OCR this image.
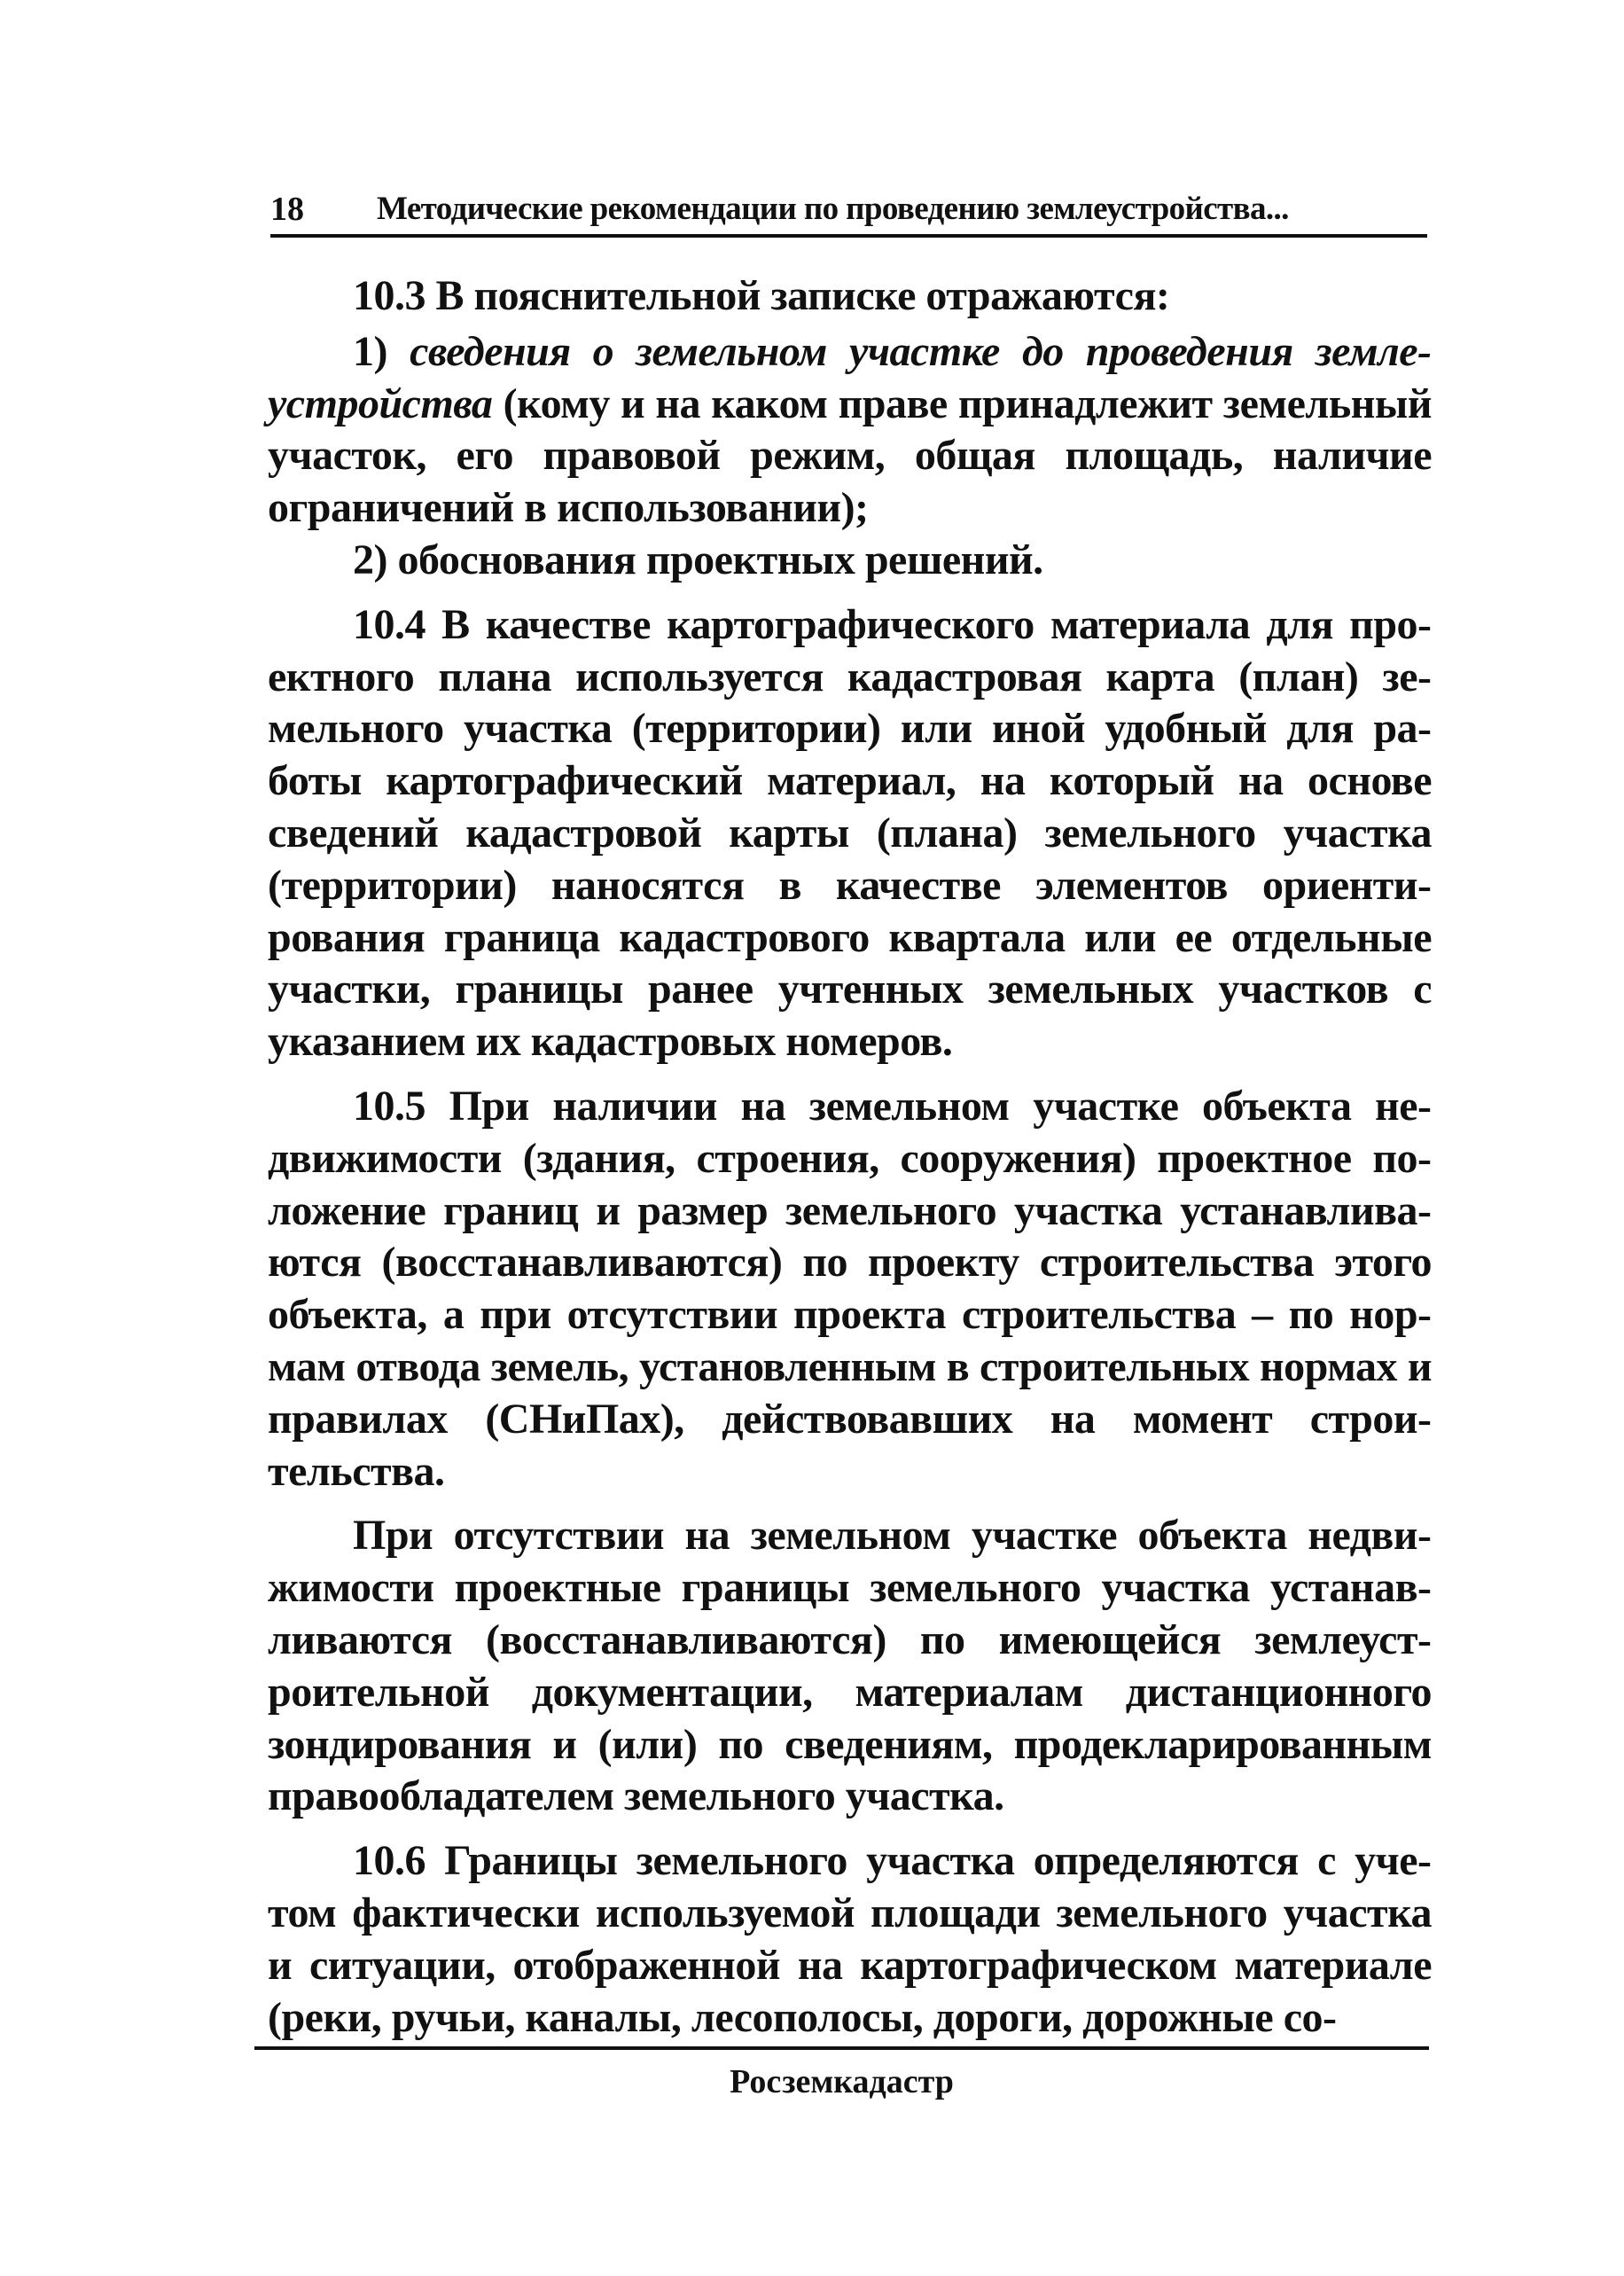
18 Методические рекомендации по проведению землеустройства...

10.3 В пояснительной записке отражаются:

1) сведения о земельном участке до проведения землеустройства (кому и на каком праве принадлежит земельный участок, его правовой режим, общая площадь, наличие ограничений в использовании);

2) обоснования проектных решений.

10.4 В качестве картографического материала для проектного плана используется кадастровая карта (план) земельного участка (территории) или иной удобный для работы картографический материал, на который на основе сведений кадастровой карты (плана) земельного участка (территории) наносятся в качестве элементов ориентирования граница кадастрового квартала или ее отдельные участки, границы ранее учтенных земельных участков с указанием их кадастровых номеров.

10.5 При наличии на земельном участке объекта недвижимости (здания, строения, сооружения) проектное положение границ и размер земельного участка устанавливаются (восстанавливаются) по проекту строительства этого объекта, а при отсутствии проекта строительства – по нормам отвода земель, установленным в строительных нормах и правилах (СНиПах), действовавших на момент строительства.

При отсутствии на земельном участке объекта недвижимости проектные границы земельного участка устанавливаются (восстанавливаются) по имеющейся землеустроительной документации, материалам дистанционного зондирования и (или) по сведениям, продекларированным правообладателем земельного участка.

10.6 Границы земельного участка определяются с учетом фактически используемой площади земельного участка и ситуации, отображенной на картографическом материале (реки, ручьи, каналы, лесополосы, дороги, дорожные со-

Росземкадастр
